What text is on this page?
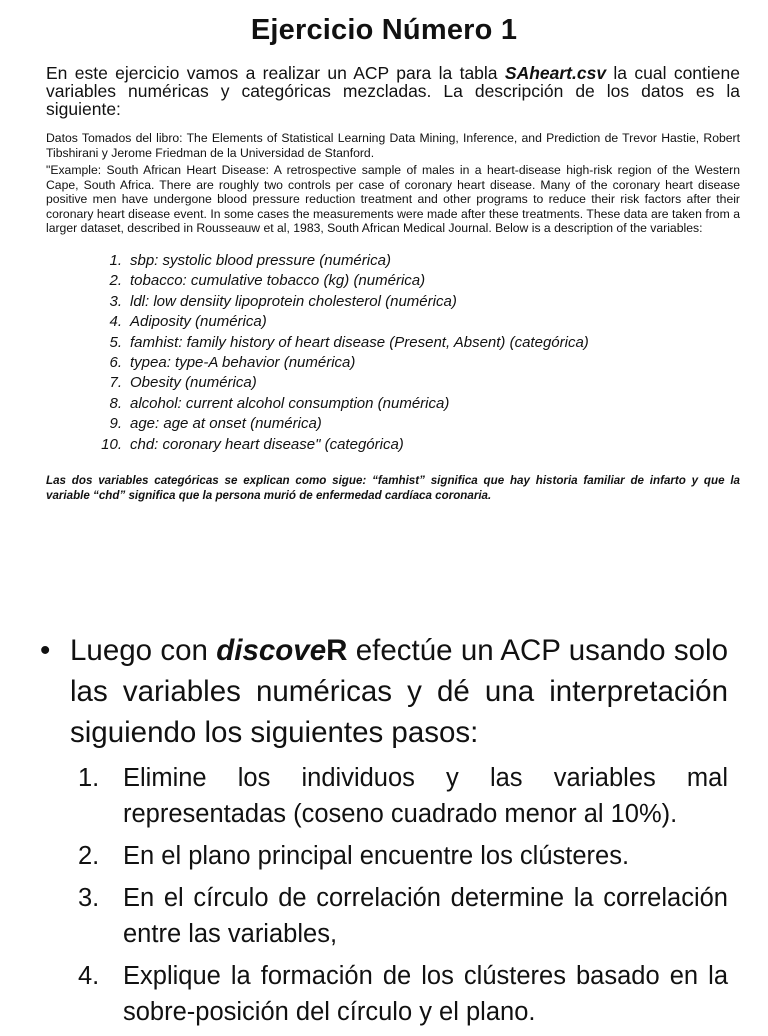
Ejercicio Número 1
En este ejercicio vamos a realizar un ACP para la tabla SAheart.csv la cual contiene variables numéricas y categóricas mezcladas. La descripción de los datos es la siguiente:
Datos Tomados del libro: The Elements of Statistical Learning Data Mining, Inference, and Prediction de Trevor Hastie, Robert Tibshirani y Jerome Friedman de la Universidad de Stanford.
"Example: South African Heart Disease: A retrospective sample of males in a heart-disease high-risk region of the Western Cape, South Africa. There are roughly two controls per case of coronary heart disease. Many of the coronary heart disease positive men have undergone blood pressure reduction treatment and other programs to reduce their risk factors after their coronary heart disease event. In some cases the measurements were made after these treatments. These data are taken from a larger dataset, described in Rousseauw et al, 1983, South African Medical Journal. Below is a description of the variables:
1. sbp: systolic blood pressure (numérica)
2. tobacco: cumulative tobacco (kg) (numérica)
3. ldl: low densiity lipoprotein cholesterol (numérica)
4. Adiposity (numérica)
5. famhist: family history of heart disease (Present, Absent) (categórica)
6. typea: type-A behavior (numérica)
7. Obesity (numérica)
8. alcohol: current alcohol consumption (numérica)
9. age: age at onset (numérica)
10. chd: coronary heart disease" (categórica)
Las dos variables categóricas se explican como sigue: “famhist” significa que hay historia familiar de infarto y que la variable “chd” significa que la persona murió de enfermedad cardíaca coronaria.
• Luego con discoveR efectúe un ACP usando solo las variables numéricas y dé una interpretación siguiendo los siguientes pasos:
1. Elimine los individuos y las variables mal representadas (coseno cuadrado menor al 10%).
2. En el plano principal encuentre los clústeres.
3. En el círculo de correlación determine la correlación entre las variables,
4. Explique la formación de los clústeres basado en la sobre-posición del círculo y el plano.
